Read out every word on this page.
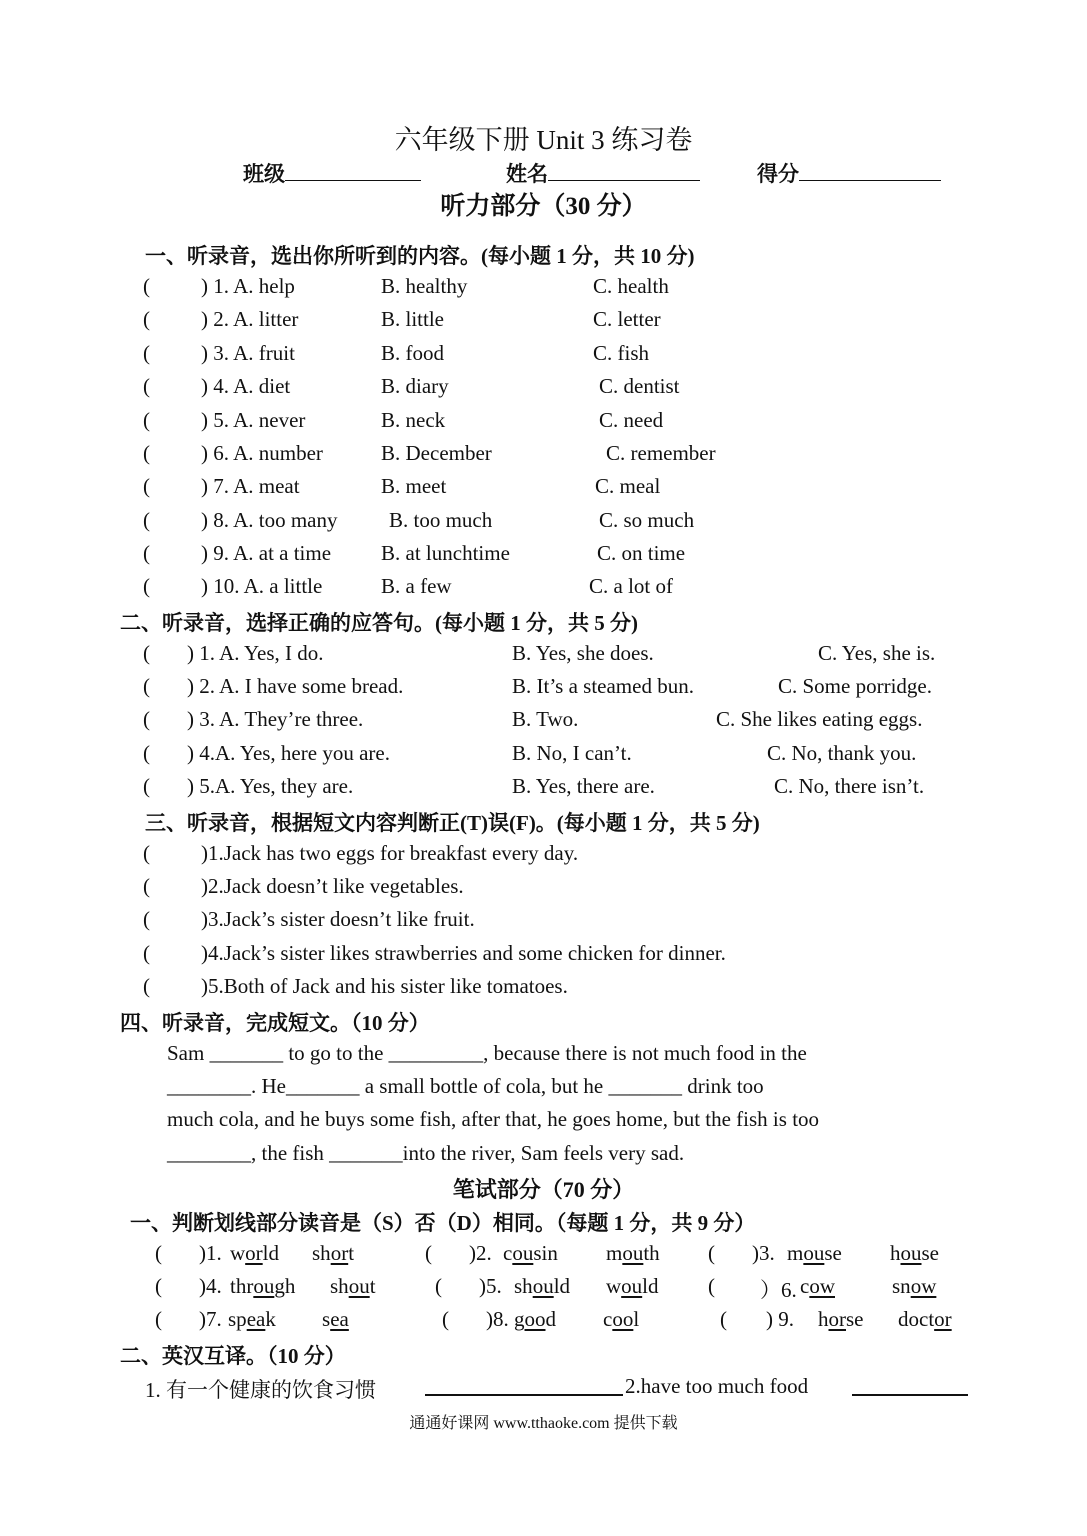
六年级下册 Unit 3 练习卷
班级	姓名	得分
听力部分（30 分）
一、听录音，选出你所听到的内容。(每小题 1 分，共 10 分)
( ) 1. A. help	B. healthy	C. health
( ) 2. A. litter	B. little	C. letter
( ) 3. A. fruit	B. food	C. fish
( ) 4. A. diet	B. diary	C. dentist
( ) 5. A. never	B. neck	C. need
( ) 6. A. number	B. December	C. remember
( ) 7. A. meat	B. meet	C. meal
( ) 8. A. too many B. too much	C. so much
( ) 9. A. at a time B. at lunchtime	C. on time
( ) 10. A. a little	B. a few	C. a lot of
二、听录音，选择正确的应答句。(每小题 1 分，共 5 分)
( ) 1. A. Yes, I do.	B. Yes, she does.	C. Yes, she is.
( ) 2. A. I have some bread.	B. It’s a steamed bun.	C. Some porridge.
( ) 3. A. They’re three.	B. Two.	C. She likes eating eggs.
( ) 4.A. Yes, here you are.	B. No, I can’t.	C. No, thank you.
( ) 5.A. Yes, they are.	B. Yes, there are.	C. No, there isn’t.
三、听录音，根据短文内容判断正(T)误(F)。(每小题 1 分，共 5 分)
( )1.Jack has two eggs for breakfast every day.
( )2.Jack doesn’t like vegetables.
( )3.Jack’s sister doesn’t like fruit.
( )4.Jack’s sister likes strawberries and some chicken for dinner.
( )5.Both of Jack and his sister like tomatoes.
四、听录音，完成短文。（10 分）
Sam _______ to go to the _________, because there is not much food in the
________. He_______ a small bottle of cola, but he _______ drink too
much cola, and he buys some fish, after that, he goes home, but the fish is too
________, the fish _______into the river, Sam feels very sad.
笔试部分（70 分）
一、判断划线部分读音是（S）否（D）相同。（每题 1 分，共 9 分）
( )1. world short	( )2. cousin mouth ( )3. mouse house
( )4. through shout	( )5. should would ( ）6. cow	snow
( )7. speak sea	( )8. good cool	( ) 9. horse doctor
二、英汉互译。（10 分）
1. 有一个健康的饮食习惯	2.have too much food
通通好课网 www.tthaoke.com 提供下载
